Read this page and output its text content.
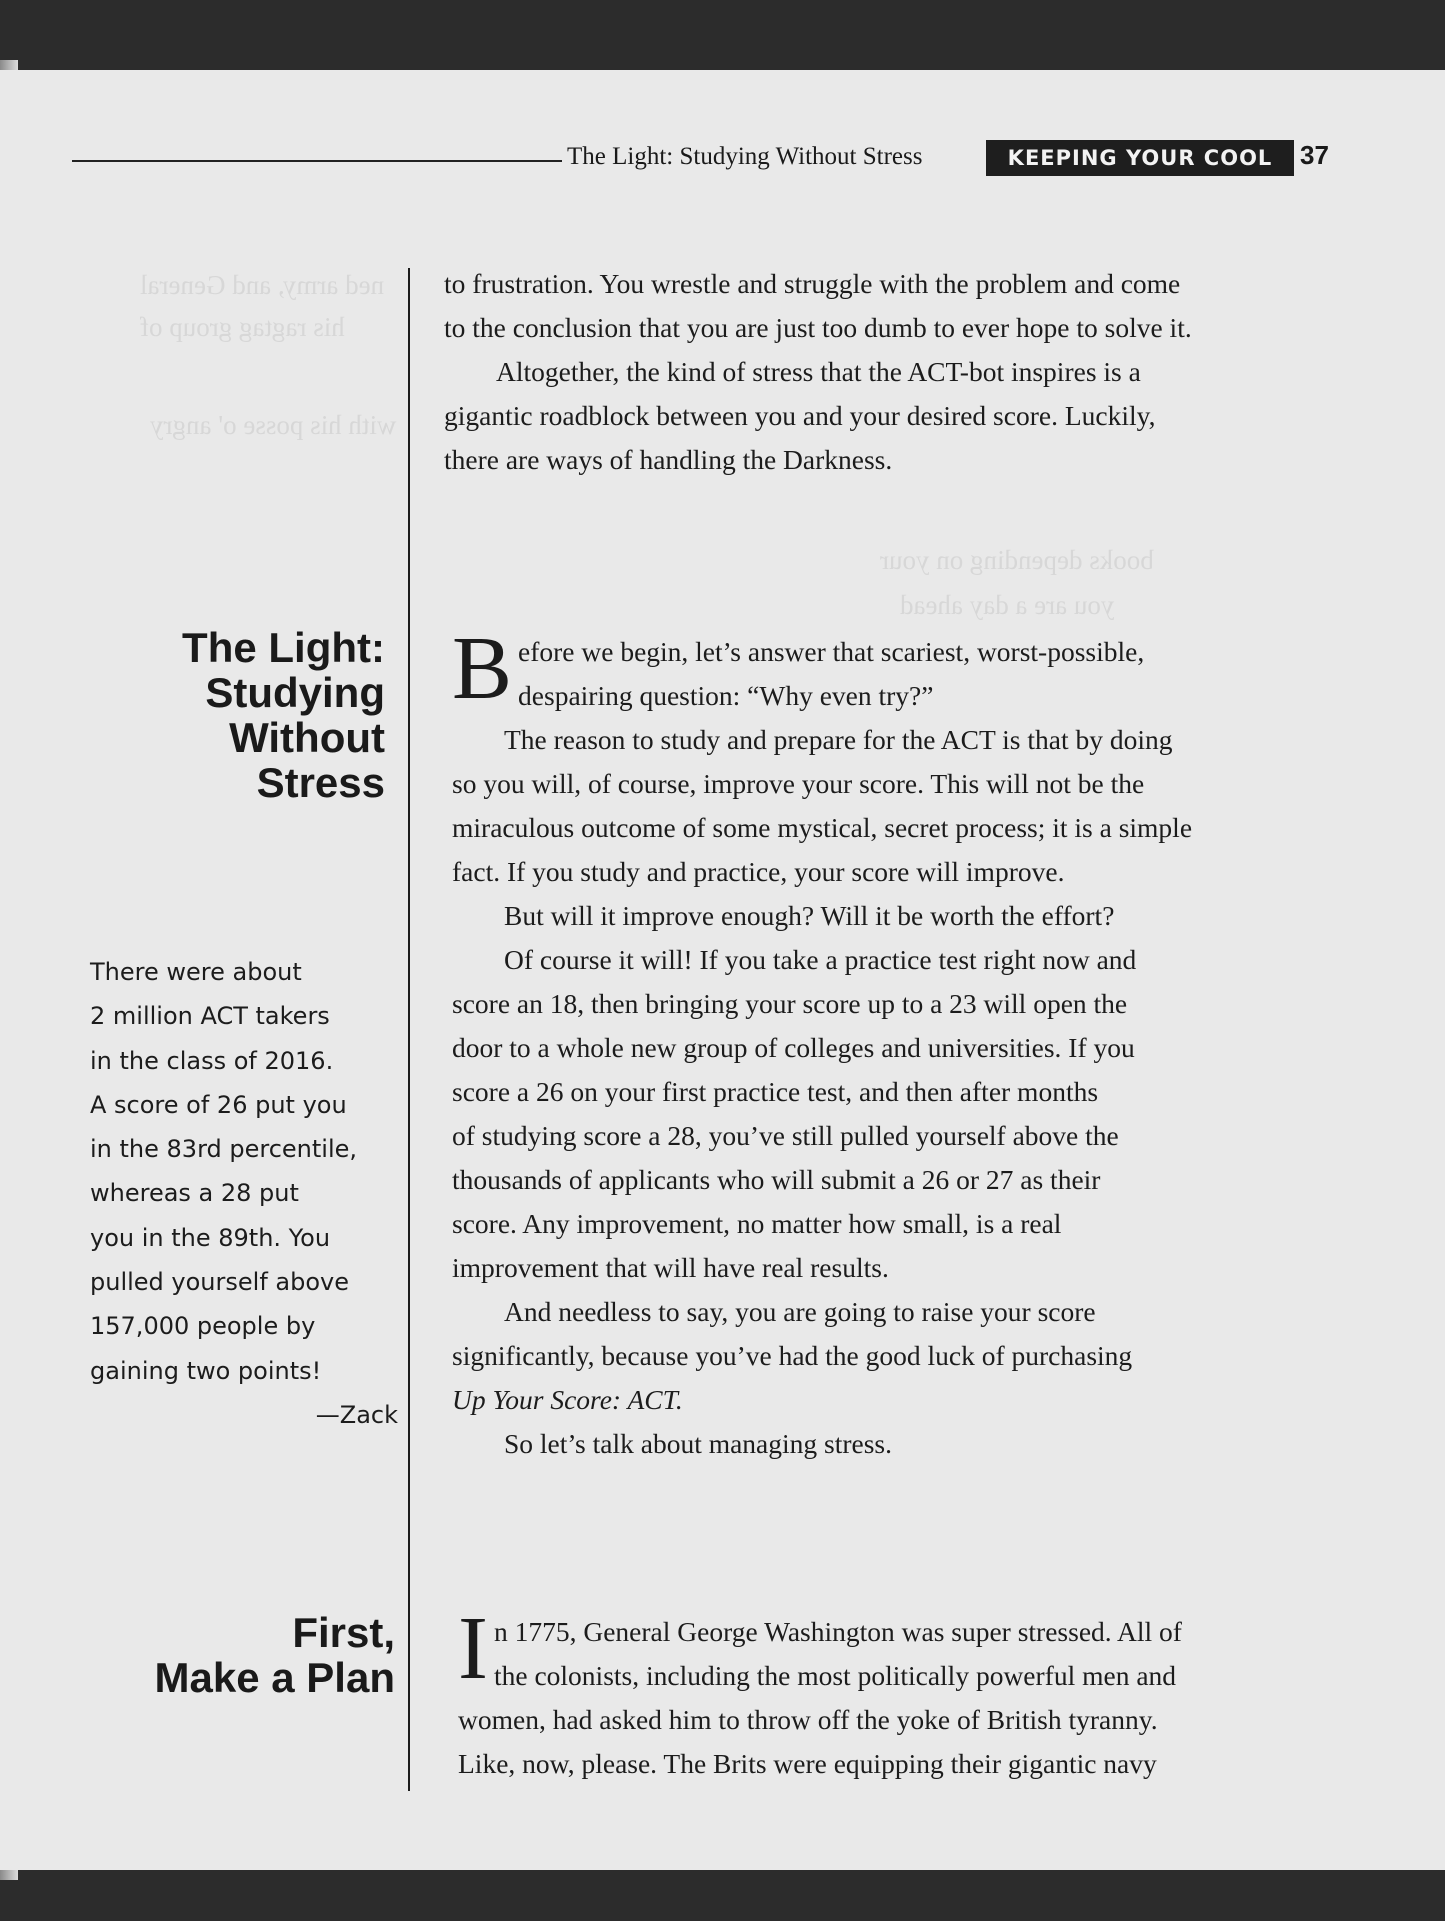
ned army, and General
his ragtag group of
with his posse o' angry
books depending on your
you are a day ahead
The Light: Studying Without Stress	KEEPING YOUR COOL	37

to frustration. You wrestle and struggle with the problem and come

to the conclusion that you are just too dumb to ever hope to solve it.

Altogether, the kind of stress that the ACT-bot inspires is a

gigantic roadblock between you and your desired score. Luckily,

there are ways of handling the Darkness.

The Light:
Studying
Without Stress

B efore we begin, let’s answer that scariest, worst-possible,
despairing question: “Why even try?”

The reason to study and prepare for the ACT is that by doing

so you will, of course, improve your score. This will not be the

miraculous outcome of some mystical, secret process; it is a simple

fact. If you study and practice, your score will improve.

But will it improve enough? Will it be worth the effort?

Of course it will! If you take a practice test right now and

score an 18, then bringing your score up to a 23 will open the

door to a whole new group of colleges and universities. If you

score a 26 on your first practice test, and then after months

of studying score a 28, you’ve still pulled yourself above the

thousands of applicants who will submit a 26 or 27 as their

score. Any improvement, no matter how small, is a real

improvement that will have real results.

And needless to say, you are going to raise your score

significantly, because you’ve had the good luck of purchasing

Up Your Score: ACT.

So let’s talk about managing stress.

There were about
2 million ACT takers
in the class of 2016.
A score of 26 put you
in the 83rd percentile,
whereas a 28 put
you in the 89th. You
pulled yourself above
157,000 people by
gaining two points!
—Zack
First,
Make a Plan I n 1775, General George Washington was super stressed. All of
the colonists, including the most politically powerful men and

women, had asked him to throw off the yoke of British tyranny.

Like, now, please. The Brits were equipping their gigantic navy
